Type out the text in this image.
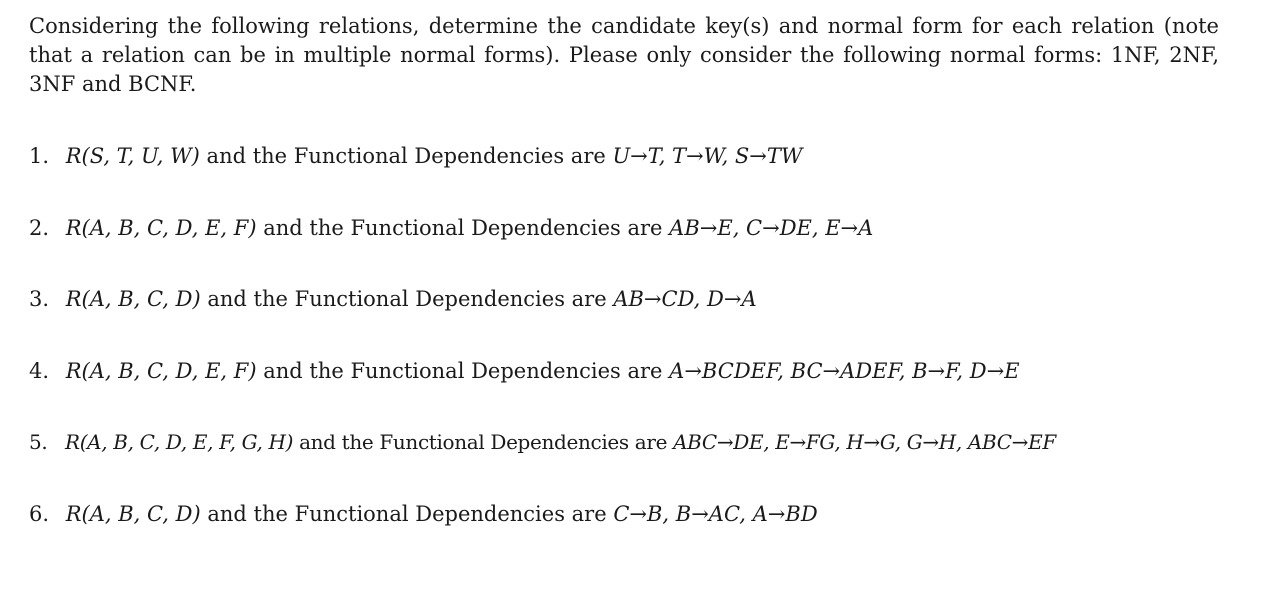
Considering the following relations, determine the candidate key(s) and normal form for each relation (note that a relation can be in multiple normal forms). Please only consider the following normal forms: 1NF, 2NF, 3NF and BCNF.

1. R(S, T, U, W) and the Functional Dependencies are U→T, T→W, S→TW

2. R(A, B, C, D, E, F) and the Functional Dependencies are AB→E, C→DE, E→A

3. R(A, B, C, D) and the Functional Dependencies are AB→CD, D→A

4. R(A, B, C, D, E, F) and the Functional Dependencies are A→BCDEF, BC→ADEF, B→F, D→E

5. R(A, B, C, D, E, F, G, H) and the Functional Dependencies are ABC→DE, E→FG, H→G, G→H, ABC→EF

6. R(A, B, C, D) and the Functional Dependencies are C→B, B→AC, A→BD
